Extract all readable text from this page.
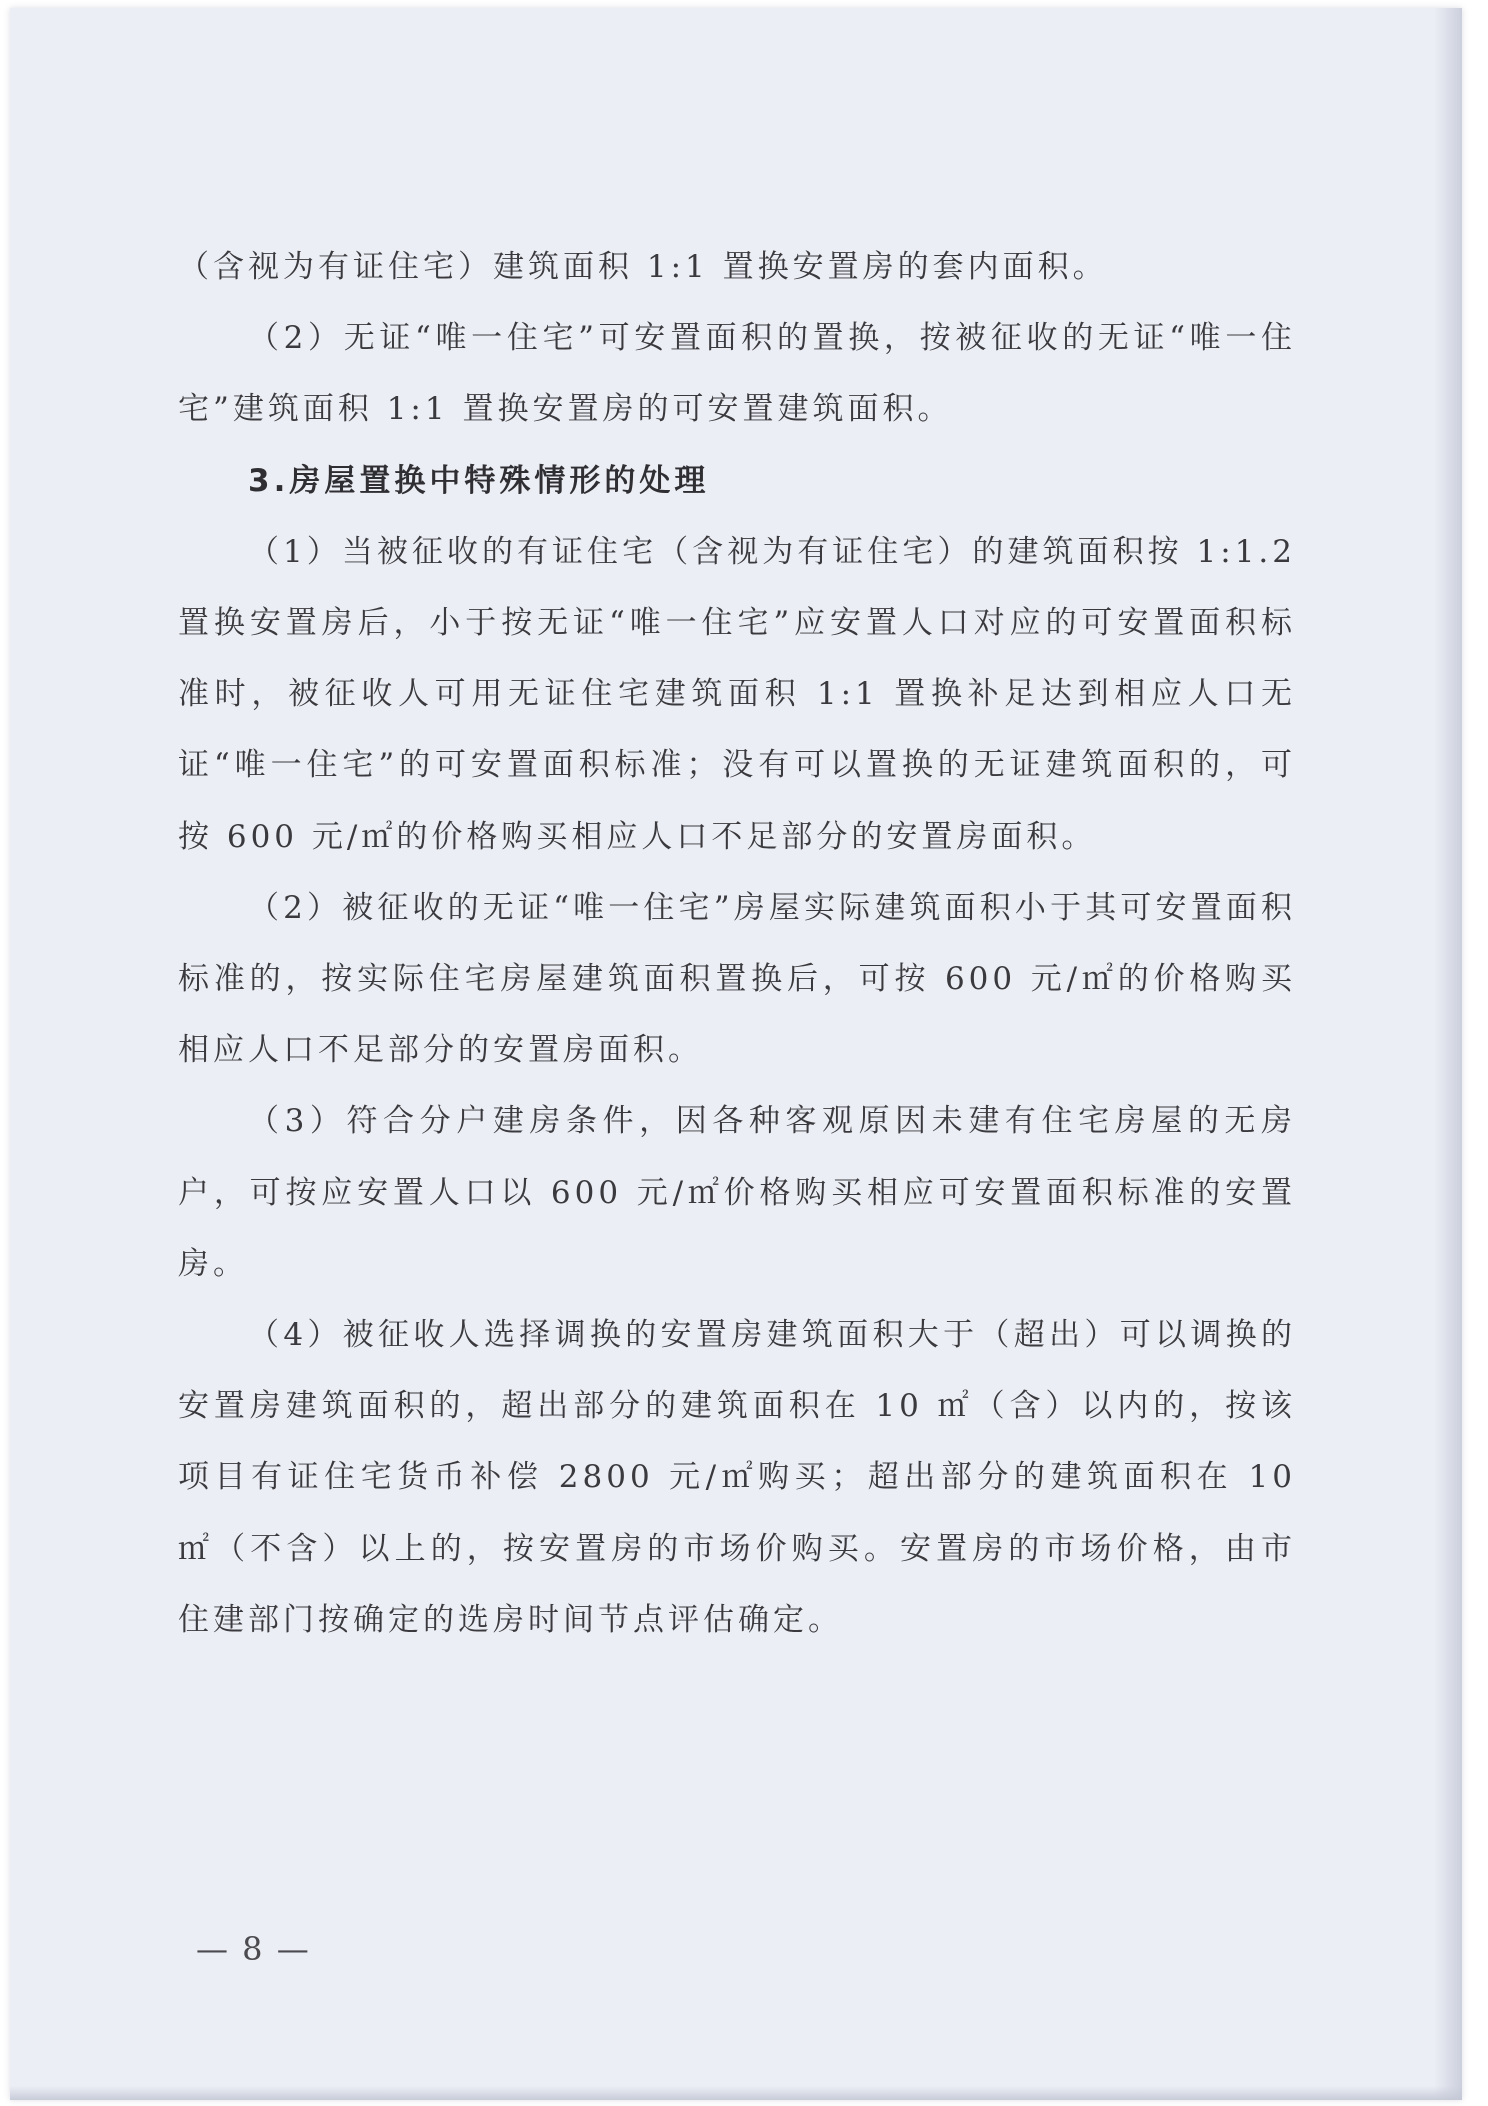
（含视为有证住宅）建筑面积 1:1 置换安置房的套内面积。

（2）无证“唯一住宅”可安置面积的置换，按被征收的无证“唯一住宅”建筑面积 1:1 置换安置房的可安置建筑面积。

3.房屋置换中特殊情形的处理

（1）当被征收的有证住宅（含视为有证住宅）的建筑面积按 1:1.2 置换安置房后，小于按无证“唯一住宅”应安置人口对应的可安置面积标准时，被征收人可用无证住宅建筑面积 1:1 置换补足达到相应人口无证“唯一住宅”的可安置面积标准；没有可以置换的无证建筑面积的，可按 600 元/㎡的价格购买相应人口不足部分的安置房面积。

（2）被征收的无证“唯一住宅”房屋实际建筑面积小于其可安置面积标准的，按实际住宅房屋建筑面积置换后，可按 600 元/㎡的价格购买相应人口不足部分的安置房面积。

（3）符合分户建房条件，因各种客观原因未建有住宅房屋的无房户，可按应安置人口以 600 元/㎡价格购买相应可安置面积标准的安置房。

（4）被征收人选择调换的安置房建筑面积大于（超出）可以调换的安置房建筑面积的，超出部分的建筑面积在 10 ㎡（含）以内的，按该项目有证住宅货币补偿 2800 元/㎡购买；超出部分的建筑面积在 10 ㎡（不含）以上的，按安置房的市场价购买。安置房的市场价格，由市住建部门按确定的选房时间节点评估确定。

— 8 —
